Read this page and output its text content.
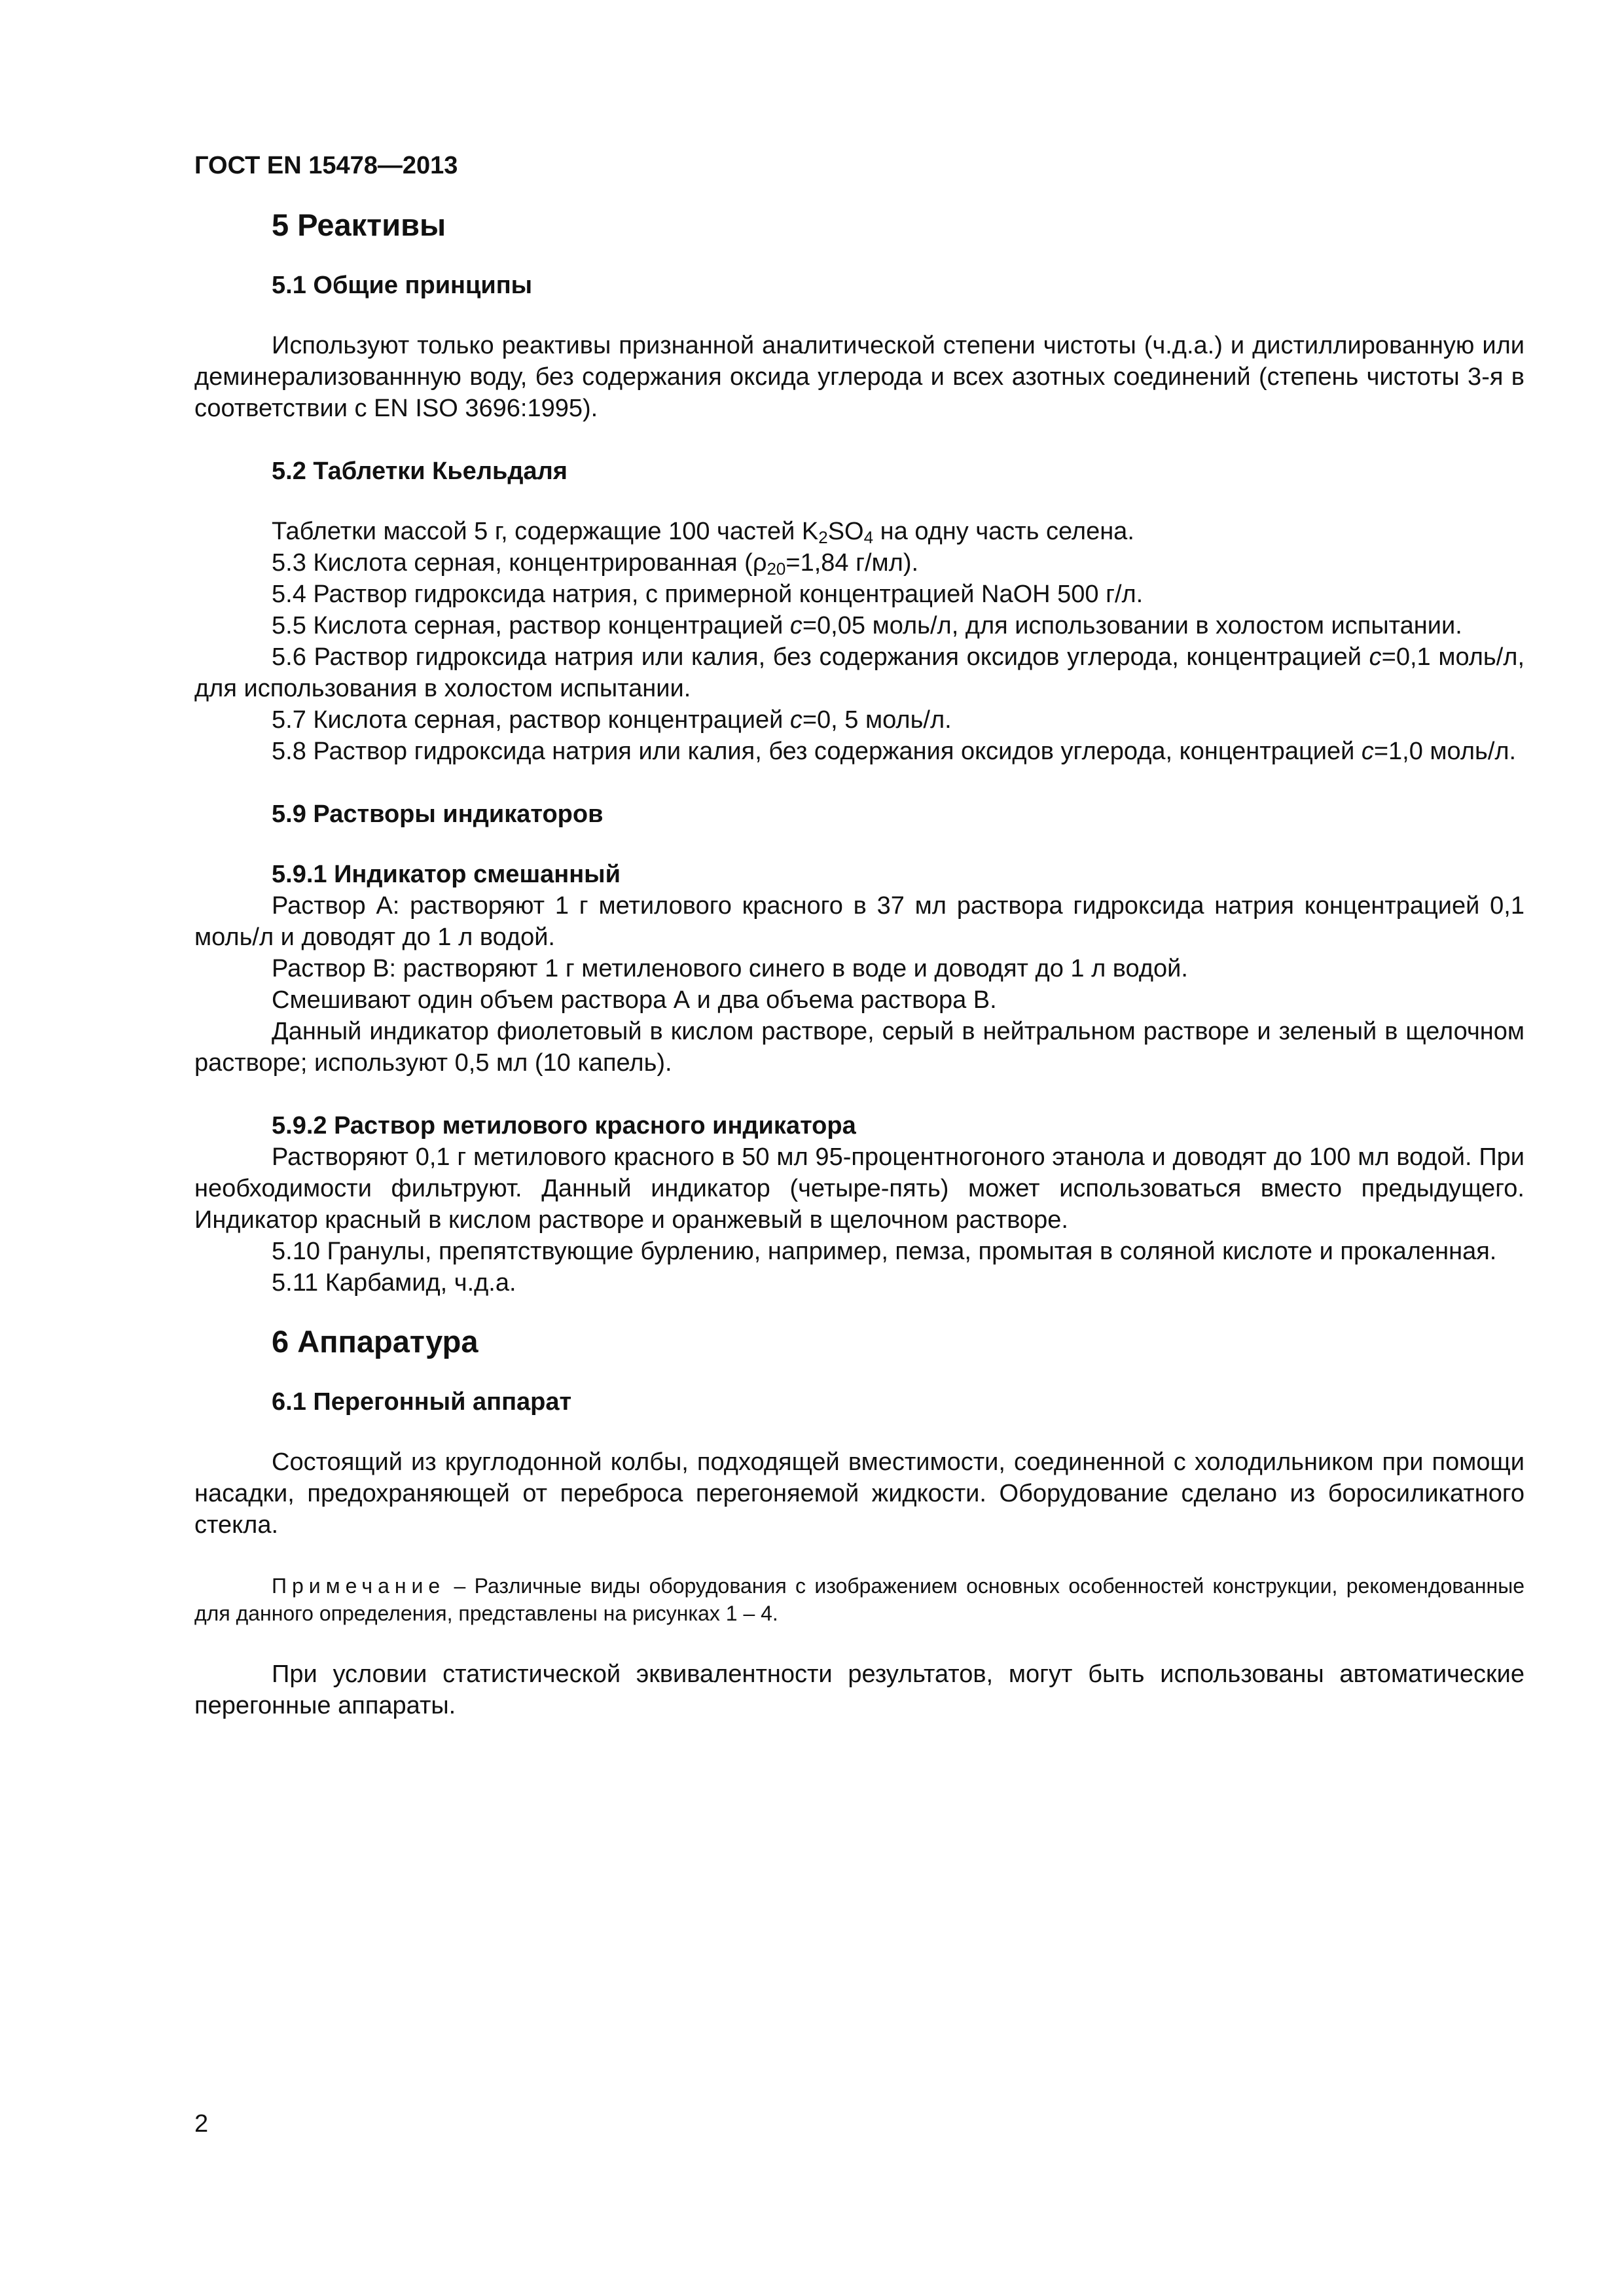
ГОСТ EN 15478—2013
5 Реактивы
5.1 Общие принципы

Используют только реактивы признанной аналитической степени чистоты (ч.д.а.) и дистиллированную или деминерализованнную воду, без содержания оксида углерода и всех азотных соединений (степень чистоты 3-я в соответствии с EN ISO 3696:1995).

5.2 Таблетки Кьельдаля

Таблетки массой 5 г, содержащие 100 частей $K_2SO_4$ на одну часть селена.

5.3 Кислота серная, концентрированная ($\rho_{20}=1,84$ г/мл).

5.4 Раствор гидроксида натрия, с примерной концентрацией NaOH 500 г/л.

5.5 Кислота серная, раствор концентрацией c=0,05 моль/л, для использовании в холостом испытании.

5.6 Раствор гидроксида натрия или калия, без содержания оксидов углерода, концентрацией c=0,1 моль/л, для использования в холостом испытании.

5.7 Кислота серная, раствор концентрацией c=0, 5 моль/л.

5.8 Раствор гидроксида натрия или калия, без содержания оксидов углерода, концентрацией c=1,0 моль/л.

5.9 Растворы индикаторов
5.9.1 Индикатор смешанный

Раствор А: растворяют 1 г метилового красного в 37 мл раствора гидроксида натрия концентрацией 0,1 моль/л и доводят до 1 л водой.

Раствор В: растворяют 1 г метиленового синего в воде и доводят до 1 л водой.

Смешивают один объем раствора А и два объема раствора В.

Данный индикатор фиолетовый в кислом растворе, серый в нейтральном растворе и зеленый в щелочном растворе; используют 0,5 мл (10 капель).

5.9.2 Раствор метилового красного индикатора

Растворяют 0,1 г метилового красного в 50 мл 95-процентногоного этанола и доводят до 100 мл водой. При необходимости фильтруют. Данный индикатор (четыре-пять) может использоваться вместо предыдущего. Индикатор красный в кислом растворе и оранжевый в щелочном растворе.

5.10 Гранулы, препятствующие бурлению, например, пемза, промытая в соляной кислоте и прокаленная.

5.11 Карбамид, ч.д.а.

6 Аппаратура
6.1 Перегонный аппарат

Состоящий из круглодонной колбы, подходящей вместимости, соединенной с холодильником при помощи насадки, предохраняющей от переброса перегоняемой жидкости. Оборудование сделано из боросиликатного стекла.

Примечание – Различные виды оборудования с изображением основных особенностей конструкции, рекомендованные для данного определения, представлены на рисунках 1 – 4.

При условии статистической эквивалентности результатов, могут быть использованы автоматические перегонные аппараты.

2
